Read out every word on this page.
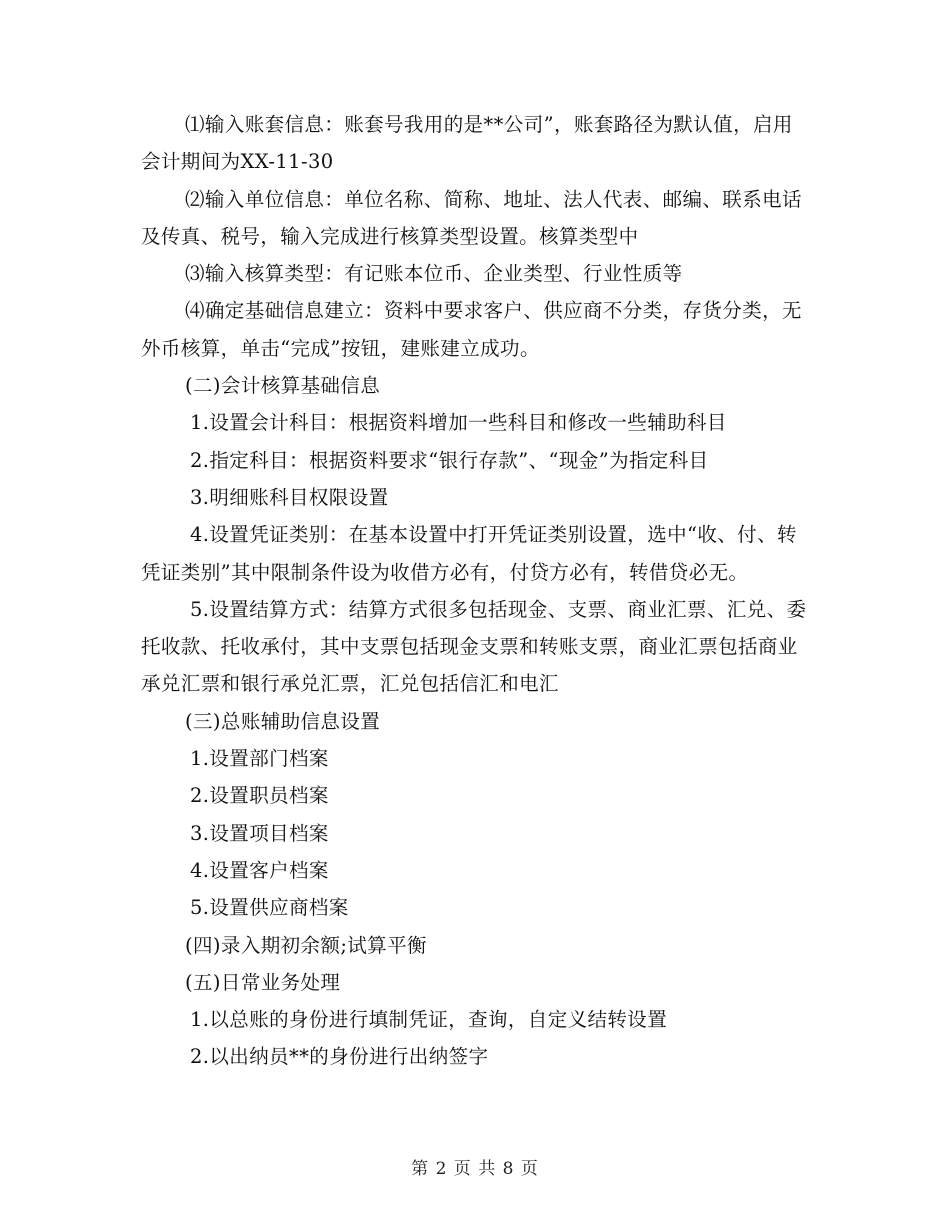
⑴输入账套信息：账套号我用的是**公司”，账套路径为默认值，启用会计期间为XX-11-30

⑵输入单位信息：单位名称、简称、地址、法人代表、邮编、联系电话及传真、税号，输入完成进行核算类型设置。核算类型中

⑶输入核算类型：有记账本位币、企业类型、行业性质等

⑷确定基础信息建立：资料中要求客户、供应商不分类，存货分类，无外币核算，单击“完成”按钮，建账建立成功。

(二)会计核算基础信息

1.设置会计科目：根据资料增加一些科目和修改一些辅助科目

2.指定科目：根据资料要求“银行存款”、“现金”为指定科目

3.明细账科目权限设置

4.设置凭证类别：在基本设置中打开凭证类别设置，选中“收、付、转凭证类别”其中限制条件设为收借方必有，付贷方必有，转借贷必无。

5.设置结算方式：结算方式很多包括现金、支票、商业汇票、汇兑、委托收款、托收承付，其中支票包括现金支票和转账支票，商业汇票包括商业承兑汇票和银行承兑汇票，汇兑包括信汇和电汇

(三)总账辅助信息设置

1.设置部门档案

2.设置职员档案

3.设置项目档案

4.设置客户档案

5.设置供应商档案

(四)录入期初余额;试算平衡

(五)日常业务处理

1.以总账的身份进行填制凭证，查询，自定义结转设置

2.以出纳员**的身份进行出纳签字

第 2 页 共 8 页
